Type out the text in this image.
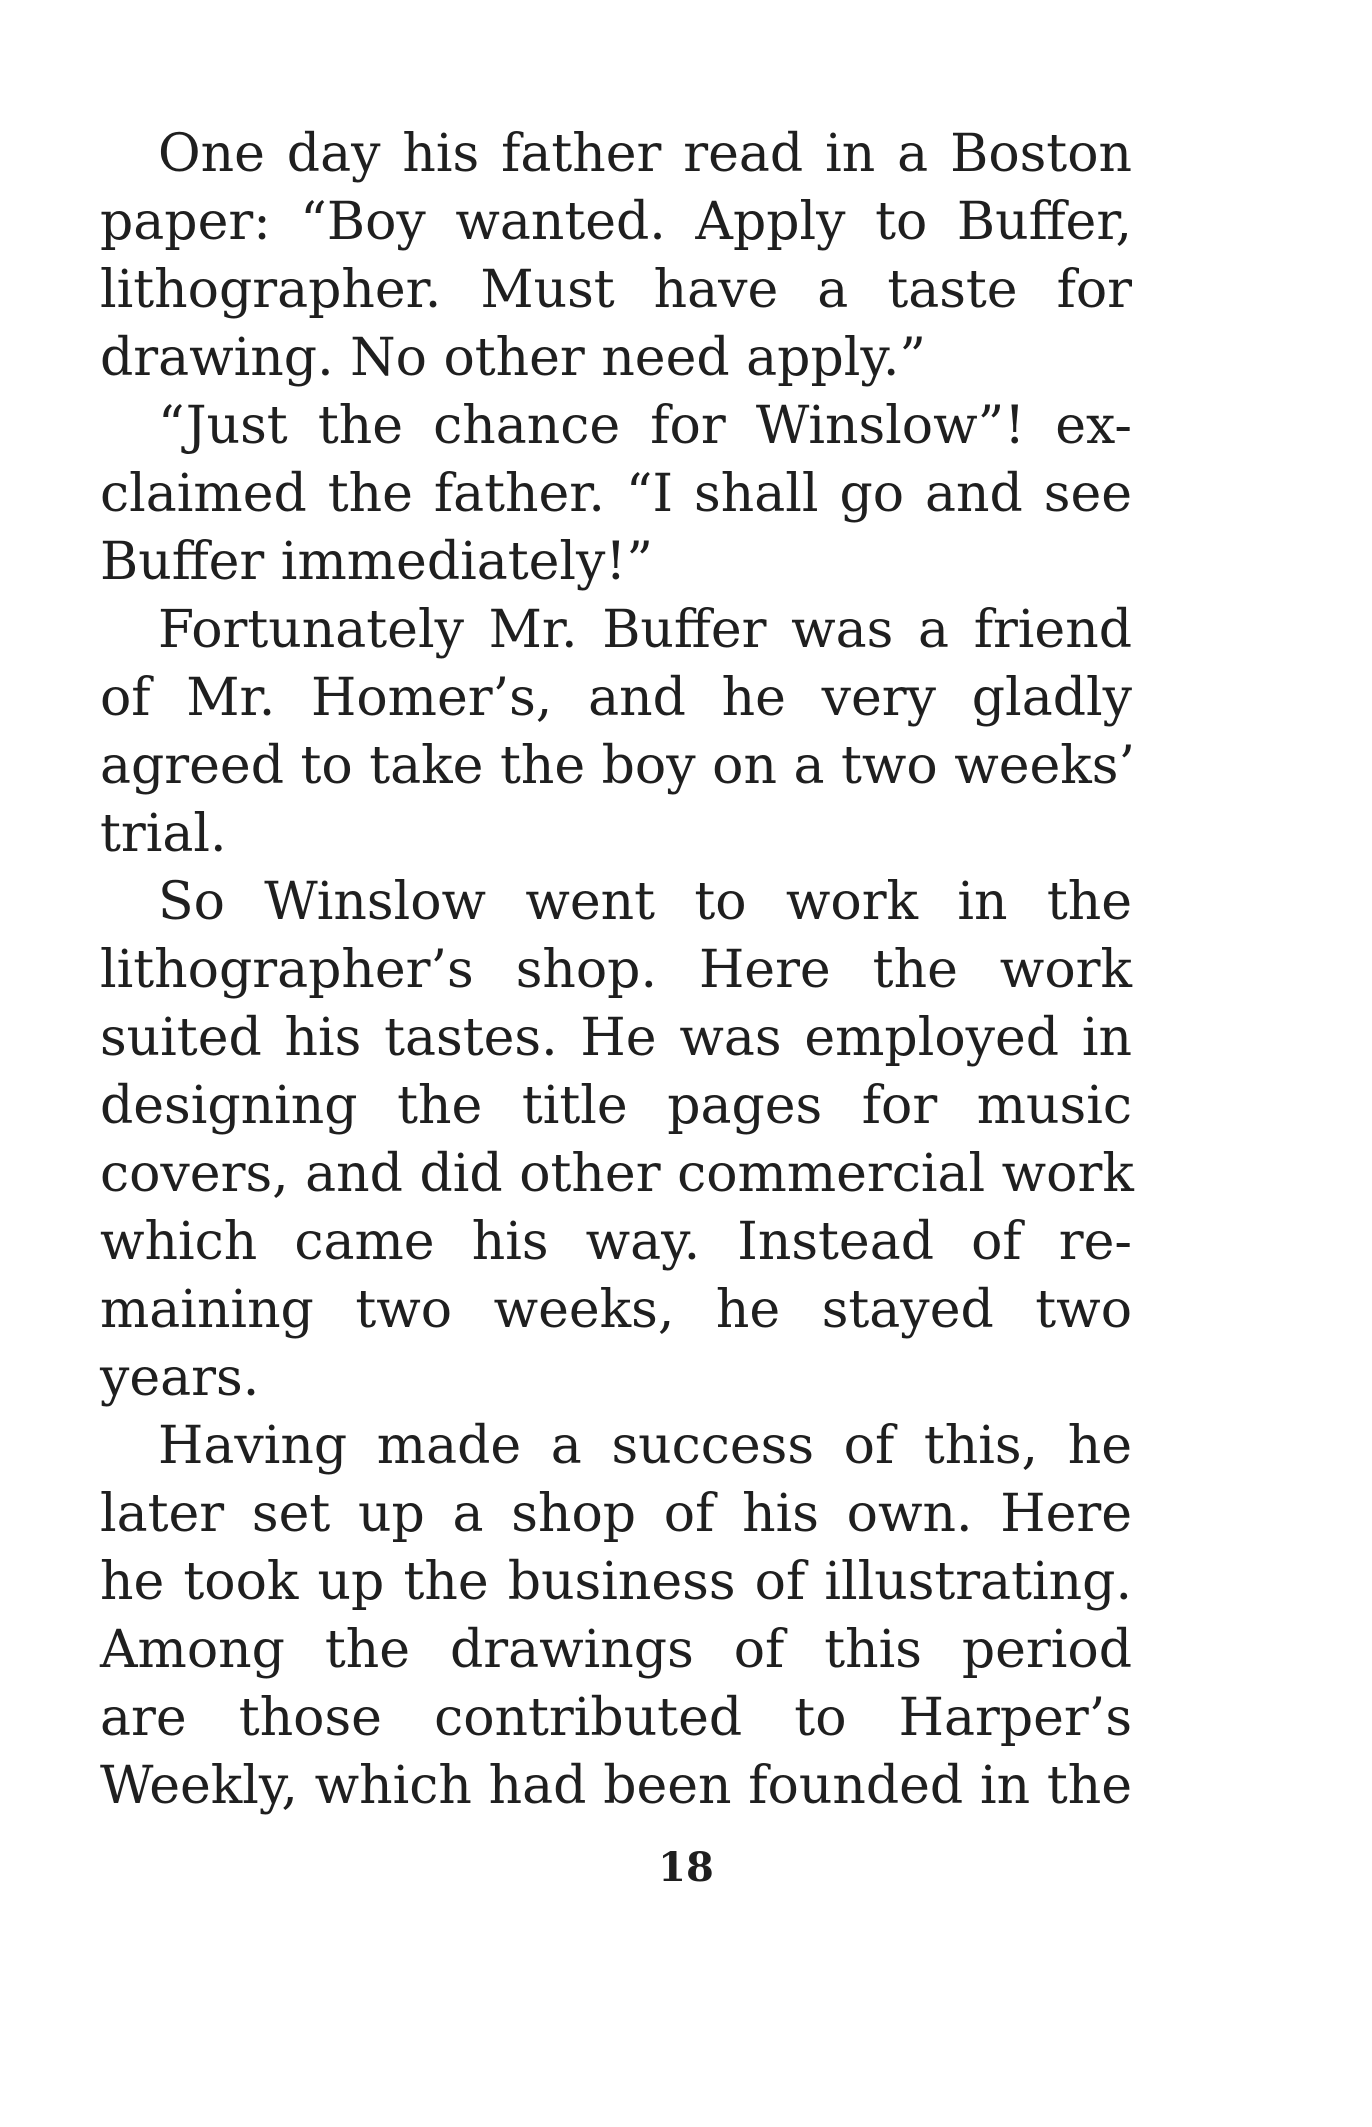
One day his father read in a Boston
paper: “Boy wanted. Apply to Buffer,
lithographer. Must have a taste for
drawing. No other need apply.”
“Just the chance for Winslow”! ex-
claimed the father. “I shall go and see
Buffer immediately!”
Fortunately Mr. Buffer was a friend
of Mr. Homer’s, and he very gladly
agreed to take the boy on a two weeks’
trial.
So Winslow went to work in the
lithographer’s shop. Here the work
suited his tastes. He was employed in
designing the title pages for music
covers, and did other commercial work
which came his way. Instead of re-
maining two weeks, he stayed two
years.
Having made a success of this, he
later set up a shop of his own. Here
he took up the business of illustrating.
Among the drawings of this period
are those contributed to Harper’s
Weekly, which had been founded in the
18
